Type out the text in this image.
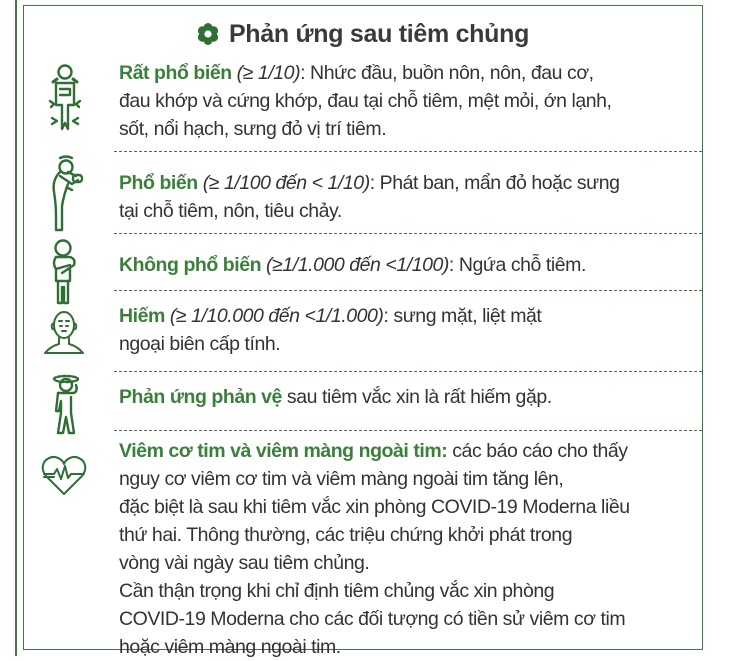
Phản ứng sau tiêm chủng
Rất phổ biến (≥ 1/10): Nhức đầu, buồn nôn, nôn, đau cơ,
đau khớp và cứng khớp, đau tại chỗ tiêm, mệt mỏi, ớn lạnh,
sốt, nổi hạch, sưng đỏ vị trí tiêm.
Phổ biến (≥ 1/100 đến < 1/10): Phát ban, mẩn đỏ hoặc sưng
tại chỗ tiêm, nôn, tiêu chảy.
Không phổ biến (≥1/1.000 đến <1/100): Ngứa chỗ tiêm.
Hiếm (≥ 1/10.000 đến <1/1.000): sưng mặt, liệt mặt
ngoại biên cấp tính.
Phản ứng phản vệ sau tiêm vắc xin là rất hiếm gặp.
Viêm cơ tim và viêm màng ngoài tim: các báo cáo cho thấy
nguy cơ viêm cơ tim và viêm màng ngoài tim tăng lên,
đặc biệt là sau khi tiêm vắc xin phòng COVID-19 Moderna liều
thứ hai. Thông thường, các triệu chứng khởi phát trong
vòng vài ngày sau tiêm chủng.
Cần thận trọng khi chỉ định tiêm chủng vắc xin phòng
COVID-19 Moderna cho các đối tượng có tiền sử viêm cơ tim
hoặc viêm màng ngoài tim.
